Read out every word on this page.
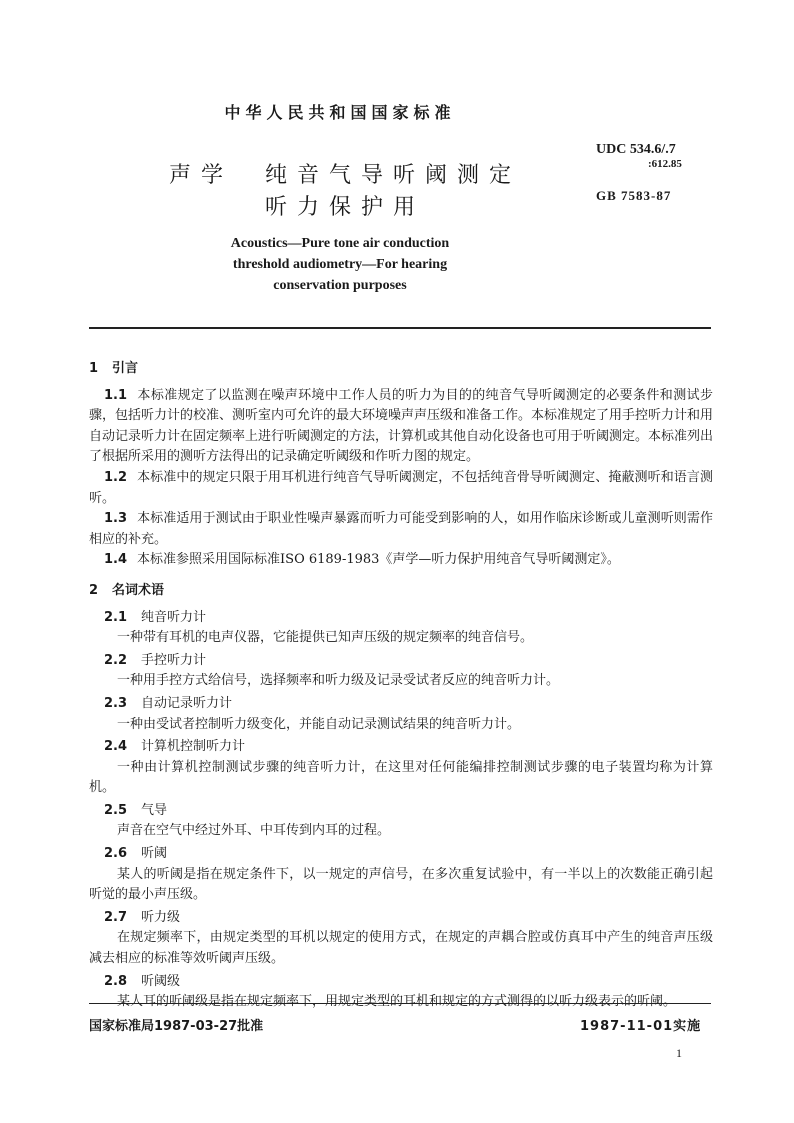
中华人民共和国国家标准
声学　纯音气导听阈测定
听力保护用
UDC 534.6/.7
:612.85
GB 7583-87
Acoustics—Pure tone air conduction threshold audiometry—For hearing conservation purposes
1 引言

1.1 本标准规定了以监测在噪声环境中工作人员的听力为目的的纯音气导听阈测定的必要条件和测试步骤，包括听力计的校准、测听室内可允许的最大环境噪声声压级和准备工作。本标准规定了用手控听力计和用自动记录听力计在固定频率上进行听阈测定的方法，计算机或其他自动化设备也可用于听阈测定。本标准列出了根据所采用的测听方法得出的记录确定听阈级和作听力图的规定。

1.2 本标准中的规定只限于用耳机进行纯音气导听阈测定，不包括纯音骨导听阈测定、掩蔽测听和语言测听。

1.3 本标准适用于测试由于职业性噪声暴露而听力可能受到影响的人，如用作临床诊断或儿童测听则需作相应的补充。

1.4 本标准参照采用国际标准ISO 6189-1983《声学—听力保护用纯音气导听阈测定》。

2 名词术语
2.1 纯音听力计

一种带有耳机的电声仪器，它能提供已知声压级的规定频率的纯音信号。

2.2 手控听力计

一种用手控方式给信号，选择频率和听力级及记录受试者反应的纯音听力计。

2.3 自动记录听力计

一种由受试者控制听力级变化，并能自动记录测试结果的纯音听力计。

2.4 计算机控制听力计

一种由计算机控制测试步骤的纯音听力计，在这里对任何能编排控制测试步骤的电子装置均称为计算机。

2.5 气导

声音在空气中经过外耳、中耳传到内耳的过程。

2.6 听阈

某人的听阈是指在规定条件下，以一规定的声信号，在多次重复试验中，有一半以上的次数能正确引起听觉的最小声压级。

2.7 听力级

在规定频率下，由规定类型的耳机以规定的使用方式，在规定的声耦合腔或仿真耳中产生的纯音声压级减去相应的标准等效听阈声压级。

2.8 听阈级

某人耳的听阈级是指在规定频率下，用规定类型的耳机和规定的方式测得的以听力级表示的听阈。

国家标准局1987-03-27批准	1987-11-01实施
1
